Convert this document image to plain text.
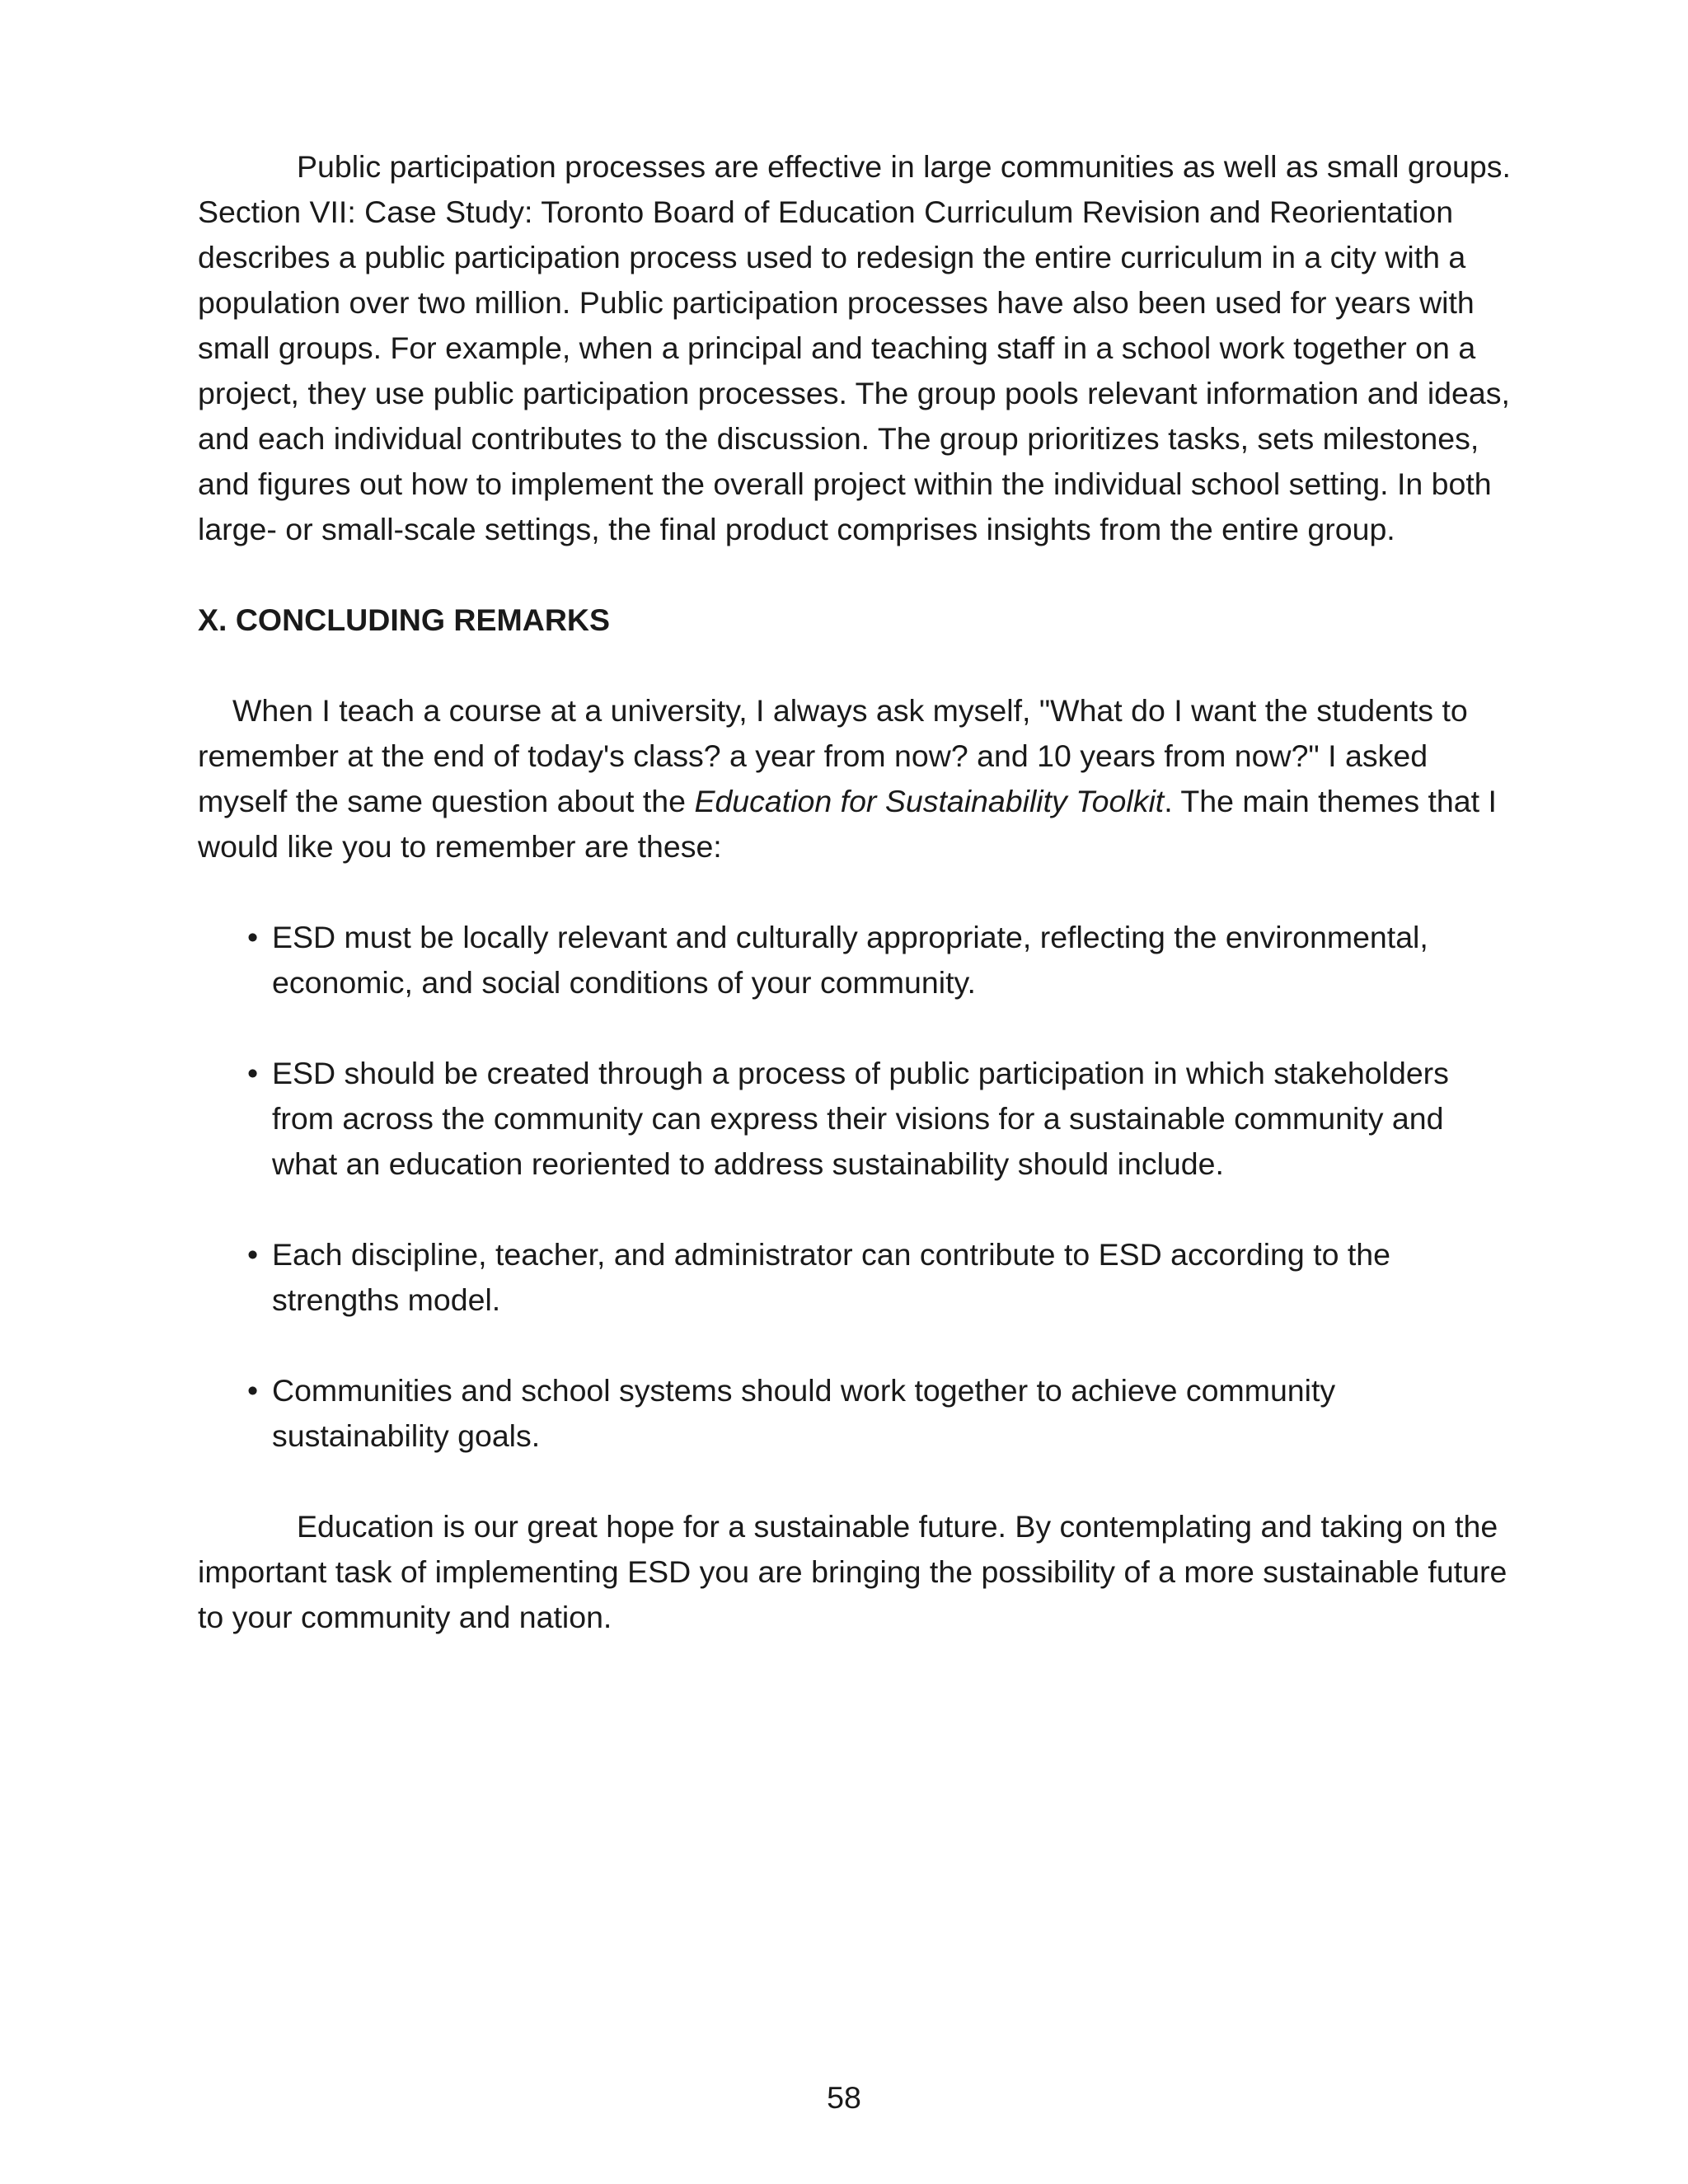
Public participation processes are effective in large communities as well as small groups. Section VII: Case Study: Toronto Board of Education Curriculum Revision and Reorientation describes a public participation process used to redesign the entire curriculum in a city with a population over two million. Public participation processes have also been used for years with small groups. For example, when a principal and teaching staff in a school work together on a project, they use public participation processes. The group pools relevant information and ideas, and each individual contributes to the discussion. The group prioritizes tasks, sets milestones, and figures out how to implement the overall project within the individual school setting. In both large- or small-scale settings, the final product comprises insights from the entire group.

X. CONCLUDING REMARKS

When I teach a course at a university, I always ask myself, "What do I want the students to remember at the end of today's class? a year from now? and 10 years from now?" I asked myself the same question about the Education for Sustainability Toolkit. The main themes that I would like you to remember are these:

• ESD must be locally relevant and culturally appropriate, reflecting the environmental, economic, and social conditions of your community.
• ESD should be created through a process of public participation in which stakeholders from across the community can express their visions for a sustainable community and what an education reoriented to address sustainability should include.
• Each discipline, teacher, and administrator can contribute to ESD according to the strengths model.
• Communities and school systems should work together to achieve community sustainability goals.

Education is our great hope for a sustainable future. By contemplating and taking on the important task of implementing ESD you are bringing the possibility of a more sustainable future to your community and nation.

58
